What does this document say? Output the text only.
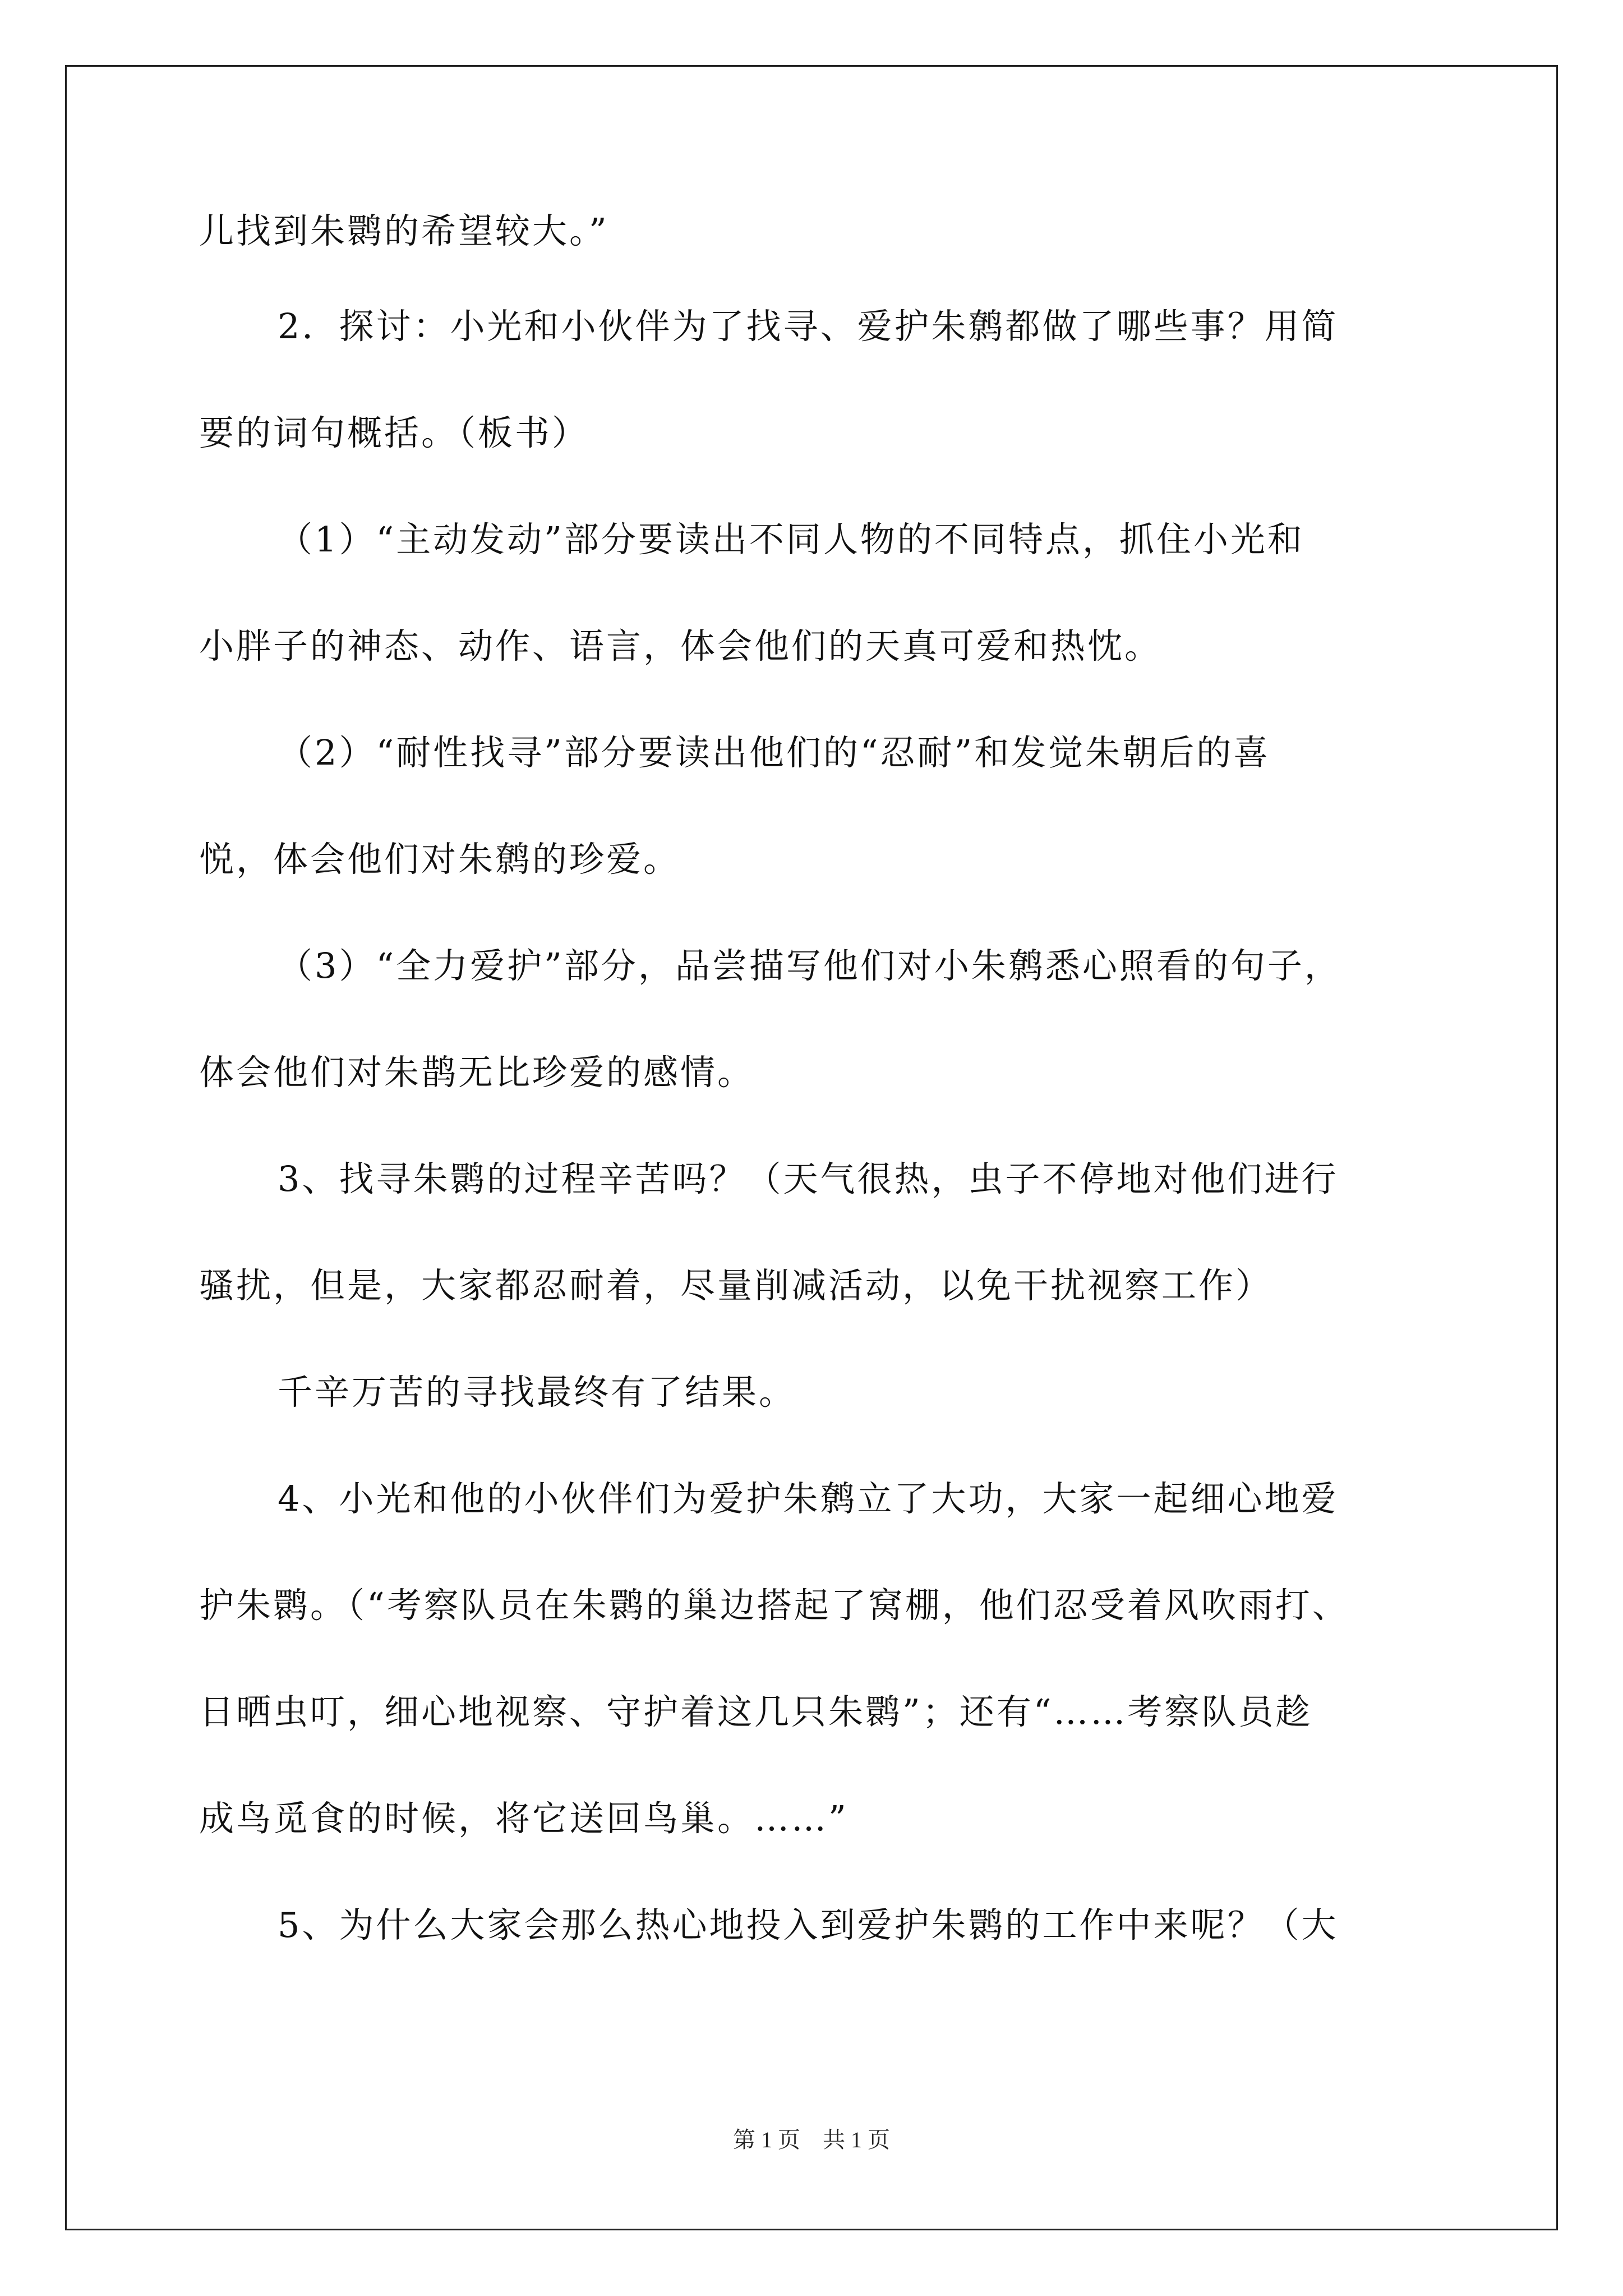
儿找到朱鹮的希望较大。”
2．探讨：小光和小伙伴为了找寻、爱护朱鹩都做了哪些事？用简
要的词句概括。（板书）
（1）“主动发动”部分要读出不同人物的不同特点，抓住小光和
小胖子的神态、动作、语言，体会他们的天真可爱和热忱。
（2）“耐性找寻”部分要读出他们的“忍耐”和发觉朱朝后的喜
悦，体会他们对朱鹩的珍爱。
（3）“全力爱护”部分，品尝描写他们对小朱鹩悉心照看的句子，
体会他们对朱鹊无比珍爱的感情。
3、找寻朱鹮的过程辛苦吗？（天气很热，虫子不停地对他们进行
骚扰，但是，大家都忍耐着，尽量削减活动，以免干扰视察工作）
千辛万苦的寻找最终有了结果。
4、小光和他的小伙伴们为爱护朱鹩立了大功，大家一起细心地爱
护朱鹮。（“考察队员在朱鹮的巢边搭起了窝棚，他们忍受着风吹雨打、
日晒虫叮，细心地视察、守护着这几只朱鹮”；还有“……考察队员趁
成鸟觅食的时候，将它送回鸟巢。……”
5、为什么大家会那么热心地投入到爱护朱鹮的工作中来呢？（大
第 1 页　共 1 页
